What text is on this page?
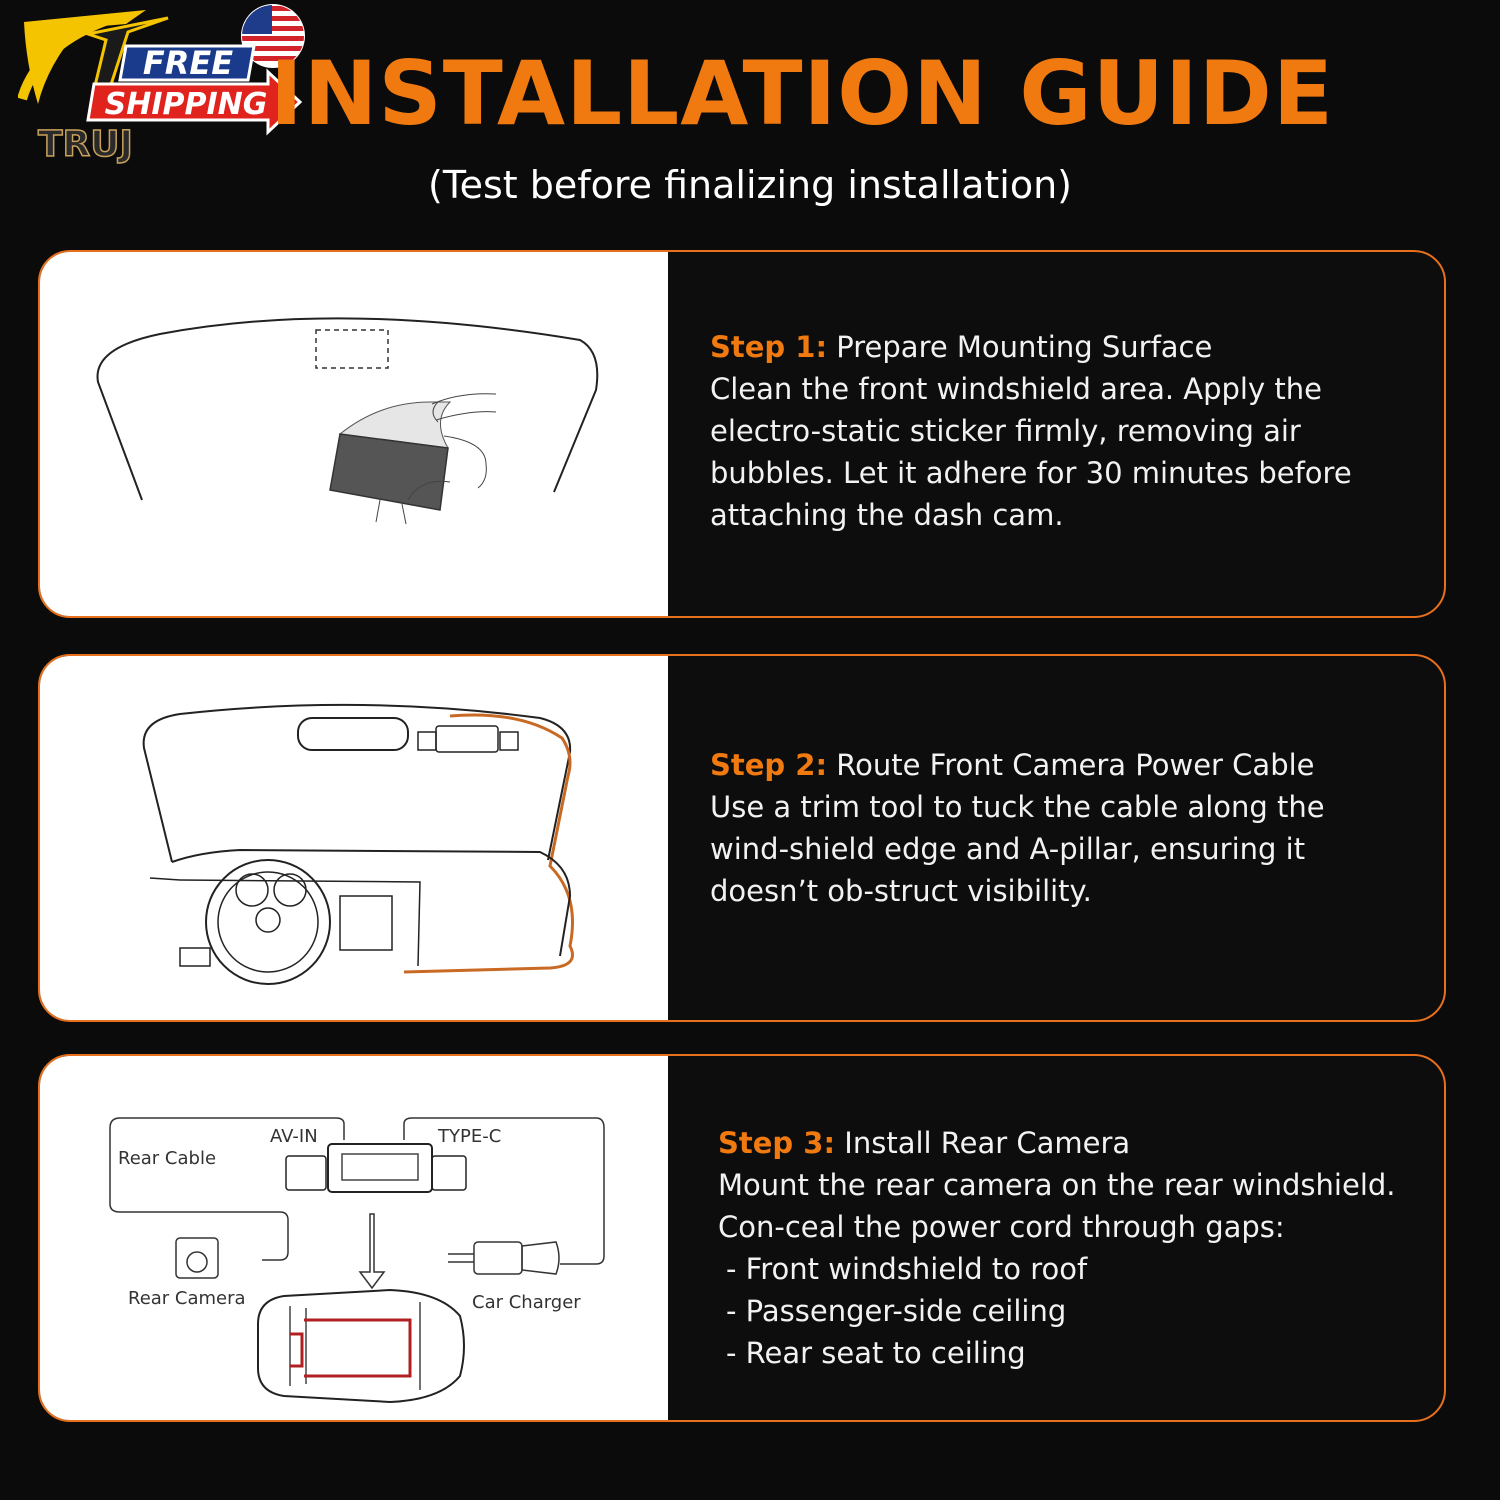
FREE
SHIPPING
TRUJ INSTALLATION GUIDE
(Test before finalizing installation)
Step 1: Prepare Mounting Surface
Clean the front windshield area. Apply the electro-static sticker firmly, removing air bubbles. Let it adhere for 30 minutes before attaching the dash cam.
Step 2: Route Front Camera Power Cable
Use a trim tool to tuck the cable along the wind-shield edge and A-pillar, ensuring it doesn’t ob-struct visibility.
Rear Cable
AV-IN	TYPE-C
Rear Camera	Car Charger
Step 3: Install Rear Camera
Mount the rear camera on the rear windshield. Con-ceal the power cord through gaps:
- Front windshield to roof
- Passenger-side ceiling
- Rear seat to ceiling
